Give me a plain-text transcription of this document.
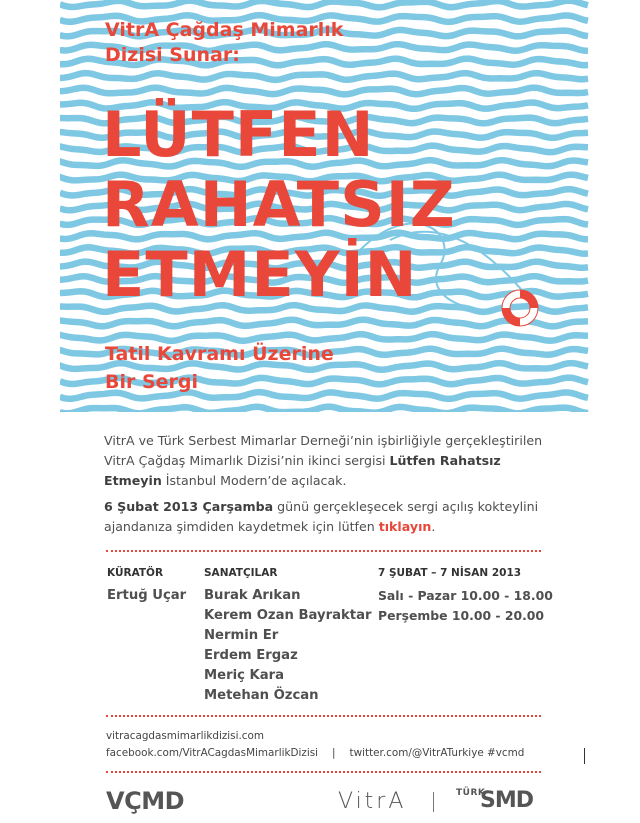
VitrA Çağdaş Mimarlık
Dizisi Sunar:
LÜTFEN
RAHATSIZ
ETMEYİN
Tatil Kavramı Üzerine
Bir Sergi

VitrA ve Türk Serbest Mimarlar Derneği’nin işbirliğiyle gerçekleştirilen VitrA Çağdaş Mimarlık Dizisi’nin ikinci sergisi Lütfen Rahatsız Etmeyin İstanbul Modern’de açılacak.

6 Şubat 2013 Çarşamba günü gerçekleşecek sergi açılış kokteylini ajandanıza şimdiden kaydetmek için lütfen tıklayın.

KÜRATÖR
Ertuğ Uçar
SANATÇILAR
Burak Arıkan
Kerem Ozan Bayraktar
Nermin Er
Erdem Ergaz
Meriç Kara
Metehan Özcan
7 ŞUBAT – 7 NİSAN 2013
Salı - Pazar 10.00 - 18.00
Perşembe 10.00 - 20.00
vitracagdasmimarlikdizisi.com
facebook.com/VitrACagdasMimarlikDizisi | twitter.com/@VitrATurkiye #vcmd
VÇMD	VitrA	TÜRK
SMD
